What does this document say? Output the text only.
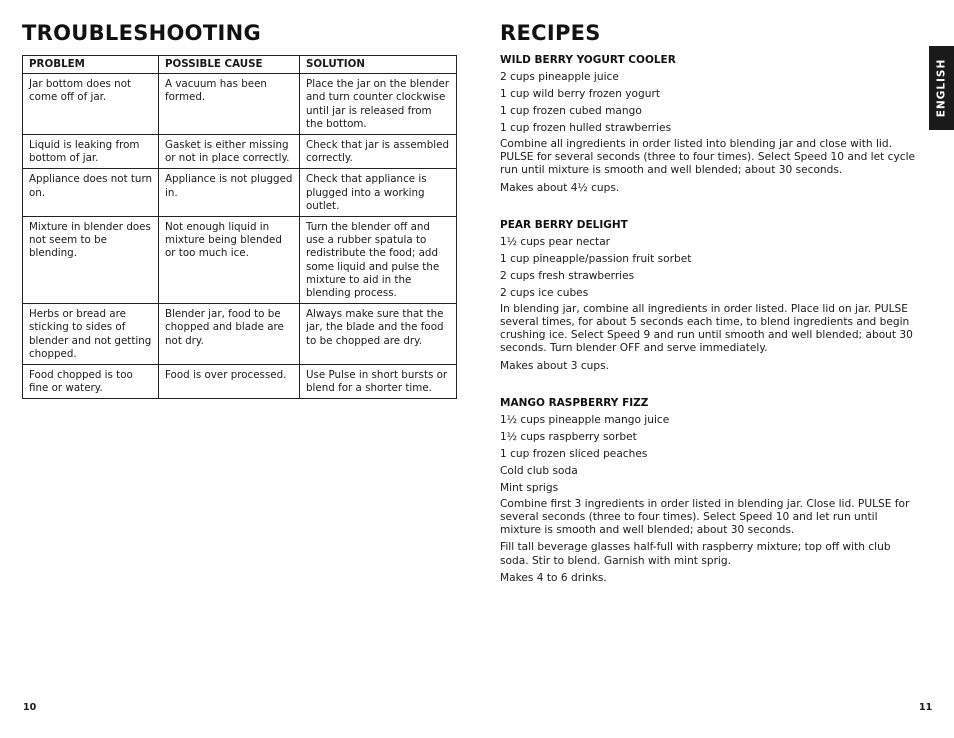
TROUBLESHOOTING
PROBLEM	POSSIBLE CAUSE	SOLUTION
Jar bottom does not come off of jar.	A vacuum has been formed.	Place the jar on the blender and turn counter clockwise until jar is released from the bottom.
Liquid is leaking from bottom of jar.	Gasket is either missing or not in place correctly.	Check that jar is assembled correctly.
Appliance does not turn on.	Appliance is not plugged in.	Check that appliance is plugged into a working outlet.
Mixture in blender does not seem to be blending.	Not enough liquid in mixture being blended or too much ice.	Turn the blender off and use a rubber spatula to redistribute the food; add some liquid and pulse the mixture to aid in the blending process.
Herbs or bread are sticking to sides of blender and not getting chopped.	Blender jar, food to be chopped and blade are not dry.	Always make sure that the jar, the blade and the food to be chopped are dry.
Food chopped is too fine or watery.	Food is over processed.	Use Pulse in short bursts or blend for a shorter time.
RECIPES
WILD BERRY YOGURT COOLER
2 cups pineapple juice
1 cup wild berry frozen yogurt
1 cup frozen cubed mango
1 cup frozen hulled strawberries
Combine all ingredients in order listed into blending jar and close with lid. PULSE for several seconds (three to four times). Select Speed 10 and let cycle run until mixture is smooth and well blended; about 30 seconds.
Makes about 4½ cups.
PEAR BERRY DELIGHT
1½ cups pear nectar
1 cup pineapple/passion fruit sorbet
2 cups fresh strawberries
2 cups ice cubes
In blending jar, combine all ingredients in order listed. Place lid on jar. PULSE several times, for about 5 seconds each time, to blend ingredients and begin crushing ice. Select Speed 9 and run until smooth and well blended; about 30 seconds. Turn blender OFF and serve immediately.
Makes about 3 cups.
MANGO RASPBERRY FIZZ
1½ cups pineapple mango juice
1½ cups raspberry sorbet
1 cup frozen sliced peaches
Cold club soda
Mint sprigs
Combine first 3 ingredients in order listed in blending jar. Close lid. PULSE for several seconds (three to four times). Select Speed 10 and let run until mixture is smooth and well blended; about 30 seconds.
Fill tall beverage glasses half-full with raspberry mixture; top off with club soda. Stir to blend. Garnish with mint sprig.
Makes 4 to 6 drinks.
ENGLISH
10	11
